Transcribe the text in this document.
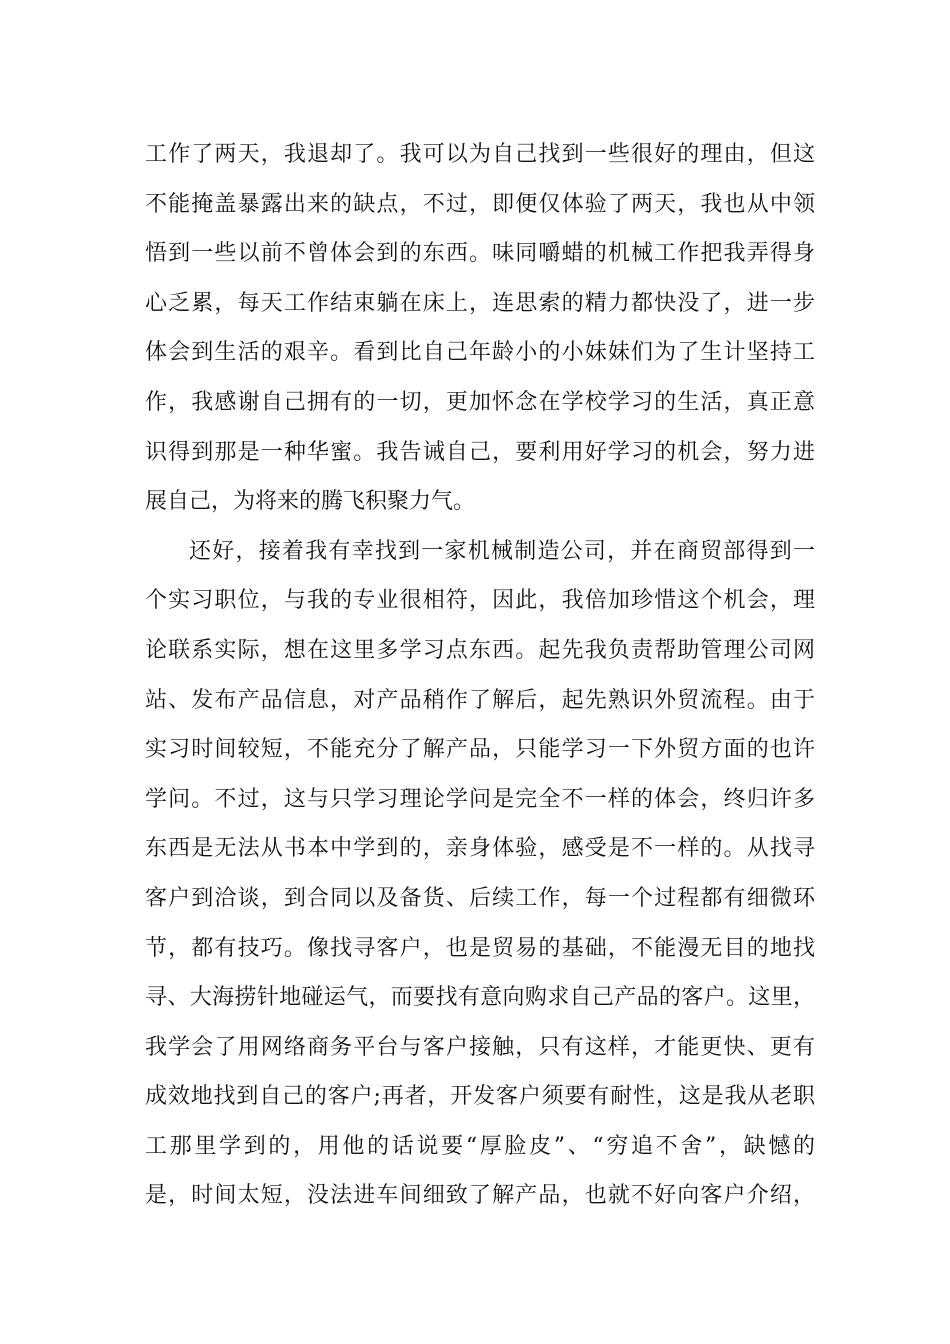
工作了两天，我退却了。我可以为自己找到一些很好的理由，但这
不能掩盖暴露出来的缺点，不过，即便仅体验了两天，我也从中领
悟到一些以前不曾体会到的东西。味同嚼蜡的机械工作把我弄得身
心乏累，每天工作结束躺在床上，连思索的精力都快没了，进一步
体会到生活的艰辛。看到比自己年龄小的小妹妹们为了生计坚持工
作，我感谢自己拥有的一切，更加怀念在学校学习的生活，真正意
识得到那是一种华蜜。我告诫自己，要利用好学习的机会，努力进
展自己，为将来的腾飞积聚力气。
还好，接着我有幸找到一家机械制造公司，并在商贸部得到一
个实习职位，与我的专业很相符，因此，我倍加珍惜这个机会，理
论联系实际，想在这里多学习点东西。起先我负责帮助管理公司网
站、发布产品信息，对产品稍作了解后，起先熟识外贸流程。由于
实习时间较短，不能充分了解产品，只能学习一下外贸方面的也许
学问。不过，这与只学习理论学问是完全不一样的体会，终归许多
东西是无法从书本中学到的，亲身体验，感受是不一样的。从找寻
客户到洽谈，到合同以及备货、后续工作，每一个过程都有细微环
节，都有技巧。像找寻客户，也是贸易的基础，不能漫无目的地找
寻、大海捞针地碰运气，而要找有意向购求自己产品的客户。这里，
我学会了用网络商务平台与客户接触，只有这样，才能更快、更有
成效地找到自己的客户;再者，开发客户须要有耐性，这是我从老职
工那里学到的，用他的话说要“厚脸皮”、“穷追不舍”，缺憾的
是，时间太短，没法进车间细致了解产品，也就不好向客户介绍，
